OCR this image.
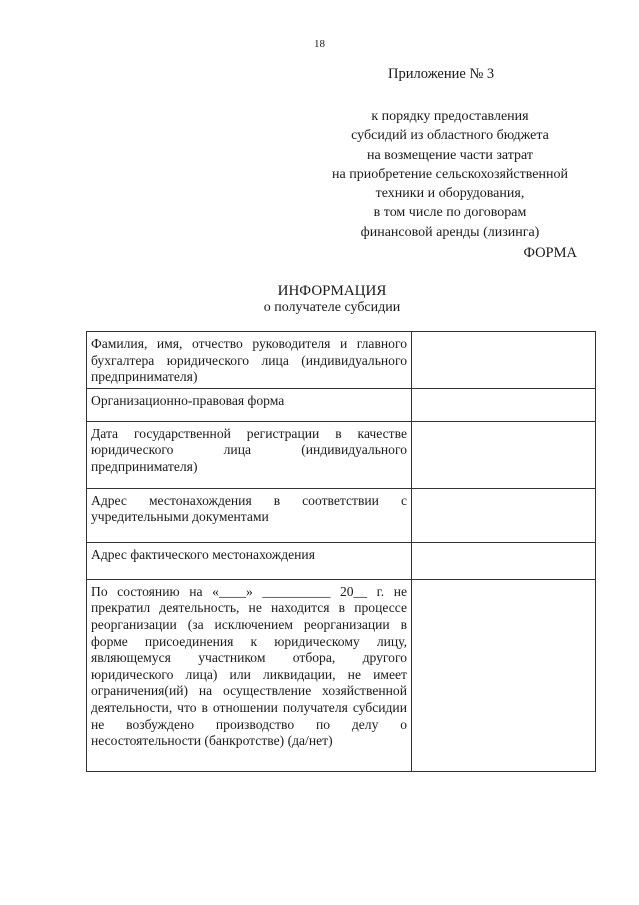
18
Приложение № 3
к порядку предоставления
субсидий из областного бюджета
на возмещение части затрат
на приобретение сельскохозяйственной
техники и оборудования,
в том числе по договорам
финансовой аренды (лизинга)
ФОРМА
ИНФОРМАЦИЯ
о получателе субсидии
Фамилия, имя, отчество руководителя и главного бухгалтера юридического лица (индивидуального предпринимателя)	
Организационно-правовая форма	
Дата государственной регистрации в качестве юридического лица (индивидуального предпринимателя)	
Адрес местонахождения в соответствии с учредительными документами	
Адрес фактического местонахождения	
По состоянию на «____» __________ 20__ г. не прекратил деятельность, не находится в процессе реорганизации (за исключением реорганизации в форме присоединения к юридическому лицу, являющемуся участником отбора, другого юридического лица) или ликвидации, не имеет ограничения(ий) на осуществление хозяйственной деятельности, что в отношении получателя субсидии не возбуждено производство по делу о несостоятельности (банкротстве) (да/нет)	
